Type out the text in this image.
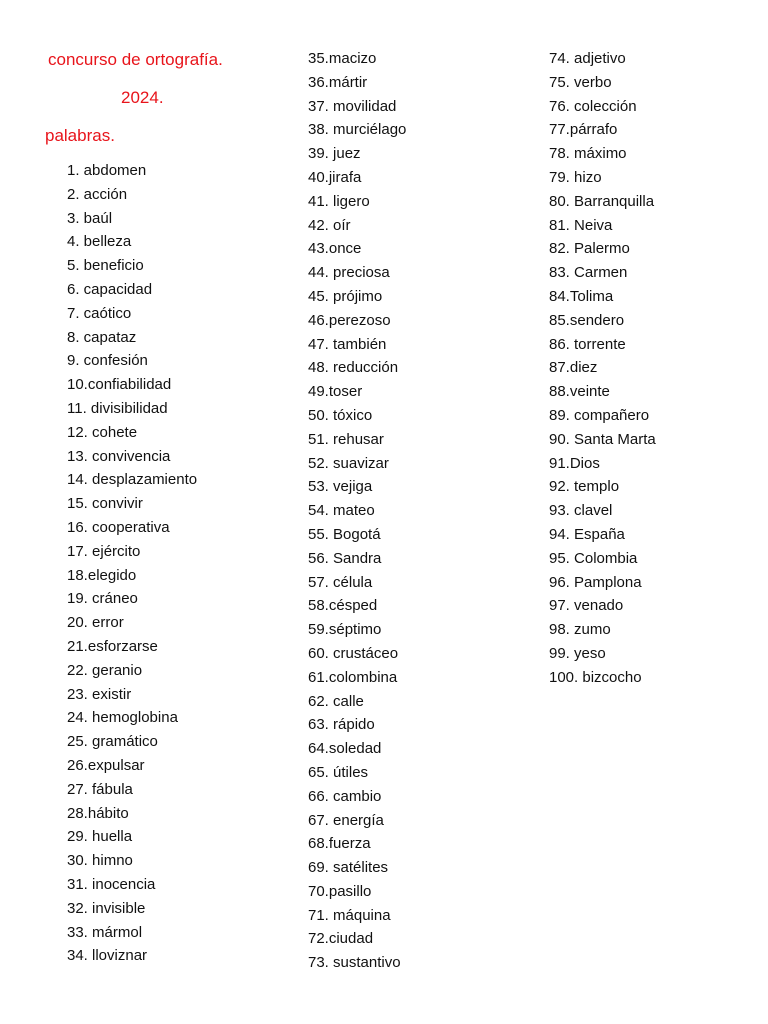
concurso de ortografía.
2024.
palabras.
1. abdomen
2. acción
3. baúl
4. belleza
5. beneficio
6. capacidad
7. caótico
8. capataz
9. confesión
10.confiabilidad
11. divisibilidad
12. cohete
13. convivencia
14. desplazamiento
15. convivir
16. cooperativa
17. ejército
18.elegido
19. cráneo
20. error
21.esforzarse
22. geranio
23. existir
24. hemoglobina
25. gramático
26.expulsar
27. fábula
28.hábito
29. huella
30. himno
31. inocencia
32. invisible
33. mármol
34. lloviznar
35.macizo
36.mártir
37. movilidad
38. murciélago
39. juez
40.jirafa
41. ligero
42. oír
43.once
44. preciosa
45. prójimo
46.perezoso
47. también
48. reducción
49.toser
50. tóxico
51. rehusar
52. suavizar
53. vejiga
54. mateo
55. Bogotá
56. Sandra
57. célula
58.césped
59.séptimo
60. crustáceo
61.colombina
62. calle
63. rápido
64.soledad
65. útiles
66. cambio
67. energía
68.fuerza
69. satélites
70.pasillo
71. máquina
72.ciudad
73. sustantivo
74. adjetivo
75. verbo
76. colección
77.párrafo
78. máximo
79. hizo
80. Barranquilla
81. Neiva
82. Palermo
83. Carmen
84.Tolima
85.sendero
86. torrente
87.diez
88.veinte
89. compañero
90. Santa Marta
91.Dios
92. templo
93. clavel
94. España
95. Colombia
96. Pamplona
97. venado
98. zumo
99. yeso
100. bizcocho
